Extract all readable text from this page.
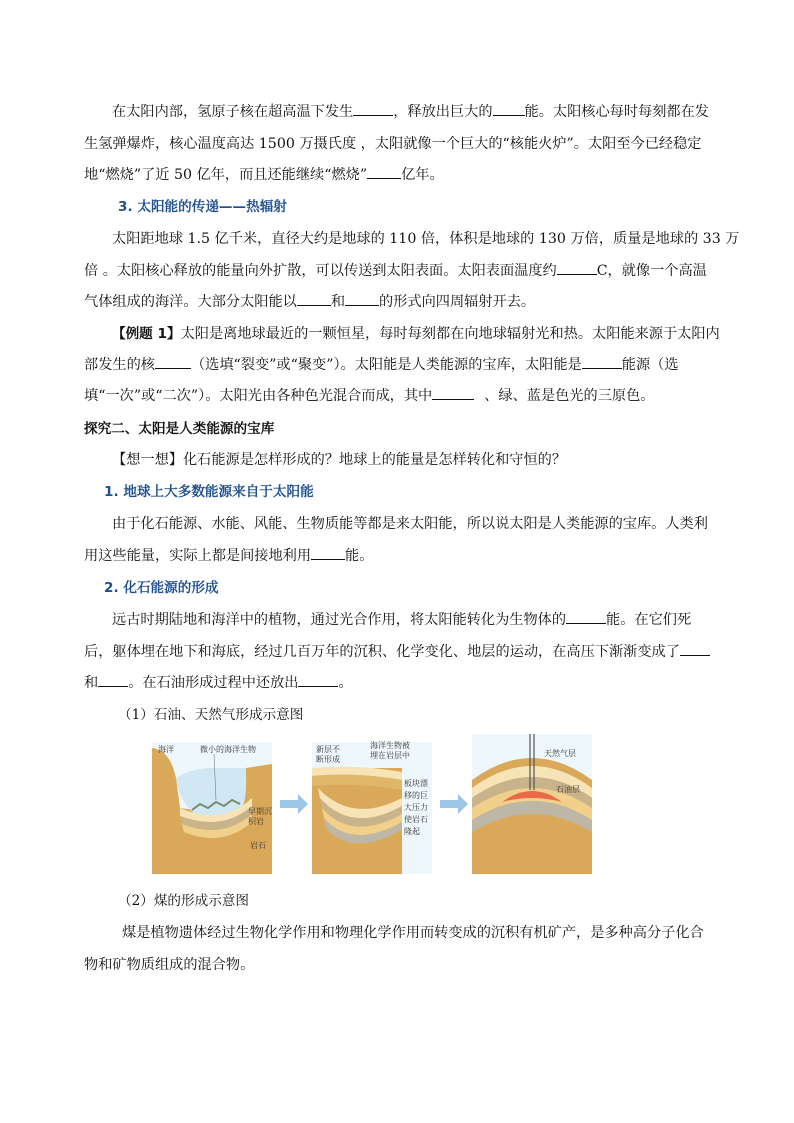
在太阳内部，氢原子核在超高温下发生	，释放出巨大的 能。太阳核心每时每刻都在发
生氢弹爆炸，核心温度高达 1500 万摄氏度 ，太阳就像一个巨大的“核能火炉”。太阳至今已经稳定
地“燃烧”了近 50 亿年，而且还能继续“燃烧” 亿年。
3. 太阳能的传递——热辐射
太阳距地球 1.5 亿千米，直径大约是地球的 110 倍，体积是地球的 130 万倍，质量是地球的 33 万
倍 。太阳核心释放的能量向外扩散，可以传送到太阳表面。太阳表面温度约	C，就像一个高温
气体组成的海洋。大部分太阳能以 和 的形式向四周辐射开去。
【例题 1】太阳是离地球最近的一颗恒星，每时每刻都在向地球辐射光和热。太阳能来源于太阳内
部发生的核	（选填“裂变”或“聚变”）。太阳能是人类能源的宝库，太阳能是	能源（选
填“一次”或“二次”）。太阳光由各种色光混合而成，其中	、绿、蓝是色光的三原色。
探究二、太阳是人类能源的宝库
【想一想】化石能源是怎样形成的？地球上的能量是怎样转化和守恒的？
1. 地球上大多数能源来自于太阳能
由于化石能源、水能、风能、生物质能等都是来太阳能，所以说太阳是人类能源的宝库。人类利
用这些能量，实际上都是间接地利用 能。
2. 化石能源的形成
远古时期陆地和海洋中的植物，通过光合作用，将太阳能转化为生物体的	能。在它们死
后，躯体埋在地下和海底，经过几百万年的沉积、化学变化、地层的运动，在高压下渐渐变成了
和 。在石油形成过程中还放出	。
（1）石油、天然气形成示意图
海洋	微小的海洋生物
早期沉
积岩
岩石
新层不
断形成
海洋生物被
埋在岩层中
板块漂
移的巨
大压力
使岩石
隆起
天然气层
石油层
（2）煤的形成示意图
煤是植物遗体经过生物化学作用和物理化学作用而转变成的沉积有机矿产，是多种高分子化合
物和矿物质组成的混合物。
